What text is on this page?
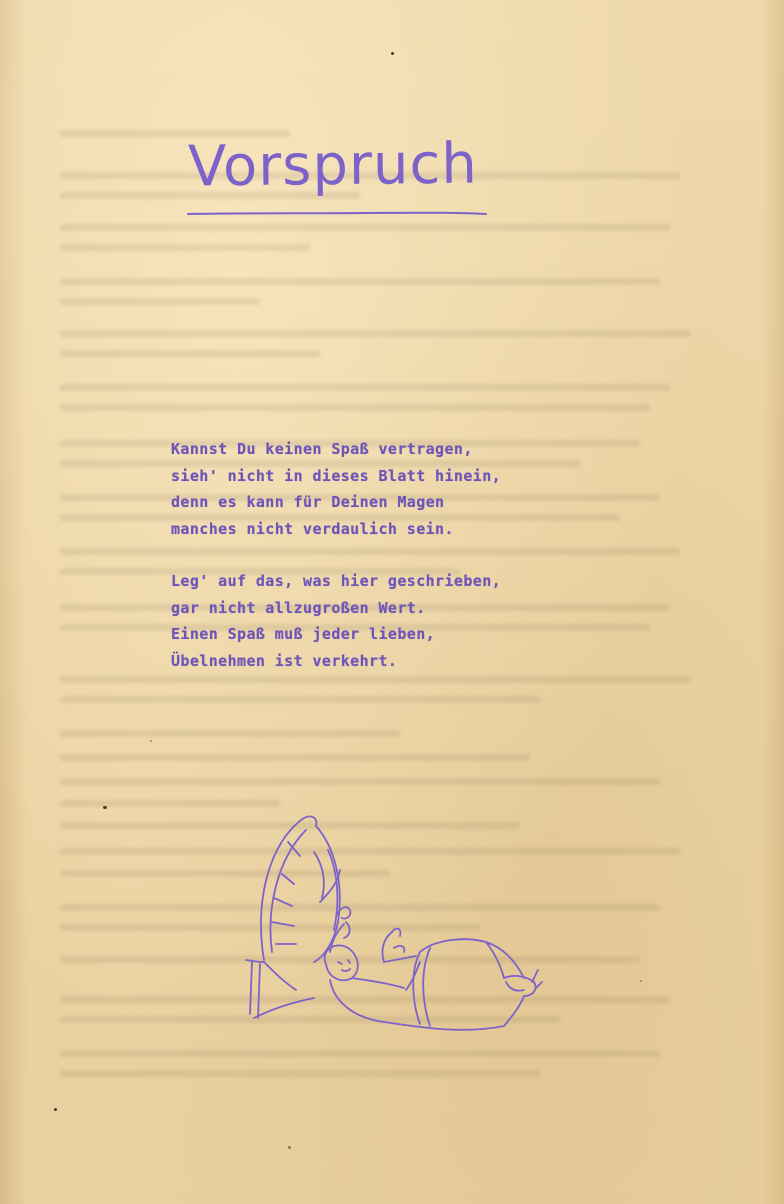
Vorspruch
Kannst Du keinen Spaß vertragen,
sieh' nicht in dieses Blatt hinein,
denn es kann für Deinen Magen
manches nicht verdaulich sein.
Leg' auf das, was hier geschrieben,
gar nicht allzugroßen Wert.
Einen Spaß muß jeder lieben,
Übelnehmen ist verkehrt.
